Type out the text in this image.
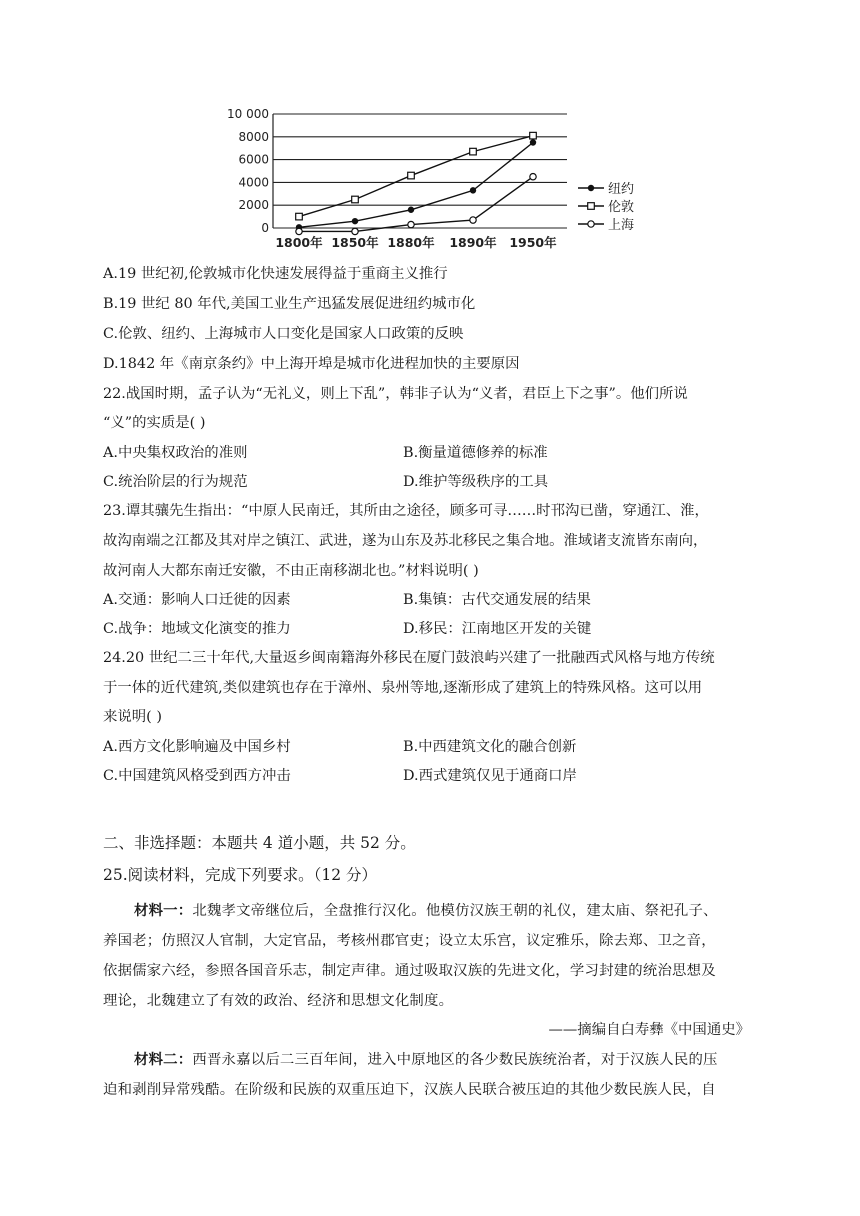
0
2000
4000
6000
8000
10 000
1800年 1850年 1880年 1890年 1950年
纽约
伦敦
上海
A.19 世纪初,伦敦城市化快速发展得益于重商主义推行
B.19 世纪 80 年代,美国工业生产迅猛发展促进纽约城市化
C.伦敦、纽约、上海城市人口变化是国家人口政策的反映
D.1842 年《南京条约》中上海开埠是城市化进程加快的主要原因
22.战国时期，孟子认为“无礼义，则上下乱”，韩非子认为“义者，君臣上下之事”。他们所说
“义”的实质是( )
A.中央集权政治的准则	B.衡量道德修养的标准
C.统治阶层的行为规范	D.维护等级秩序的工具
23.谭其骧先生指出：“中原人民南迁，其所由之途径，顾多可寻……时邗沟已凿，穿通江、淮，
故沟南端之江都及其对岸之镇江、武进，遂为山东及苏北移民之集合地。淮域诸支流皆东南向，
故河南人大都东南迁安徽，不由正南移湖北也。”材料说明( )
A.交通：影响人口迁徙的因素	B.集镇：古代交通发展的结果
C.战争：地域文化演变的推力	D.移民：江南地区开发的关键
24.20 世纪二三十年代,大量返乡闽南籍海外移民在厦门鼓浪屿兴建了一批融西式风格与地方传统
于一体的近代建筑,类似建筑也存在于漳州、泉州等地,逐渐形成了建筑上的特殊风格。这可以用
来说明( )
A.西方文化影响遍及中国乡村	B.中西建筑文化的融合创新
C.中国建筑风格受到西方冲击	D.西式建筑仅见于通商口岸
二、非选择题：本题共 4 道小题，共 52 分。
25.阅读材料，完成下列要求。（12 分）
材料一：北魏孝文帝继位后，全盘推行汉化。他模仿汉族王朝的礼仪，建太庙、祭祀孔子、
养国老；仿照汉人官制，大定官品，考核州郡官吏；设立太乐宫，议定雅乐，除去郑、卫之音，
依据儒家六经，参照各国音乐志，制定声律。通过吸取汉族的先进文化，学习封建的统治思想及
理论，北魏建立了有效的政治、经济和思想文化制度。
——摘编自白寿彝《中国通史》
材料二：西晋永嘉以后二三百年间，进入中原地区的各少数民族统治者，对于汉族人民的压
迫和剥削异常残酷。在阶级和民族的双重压迫下，汉族人民联合被压迫的其他少数民族人民，自
